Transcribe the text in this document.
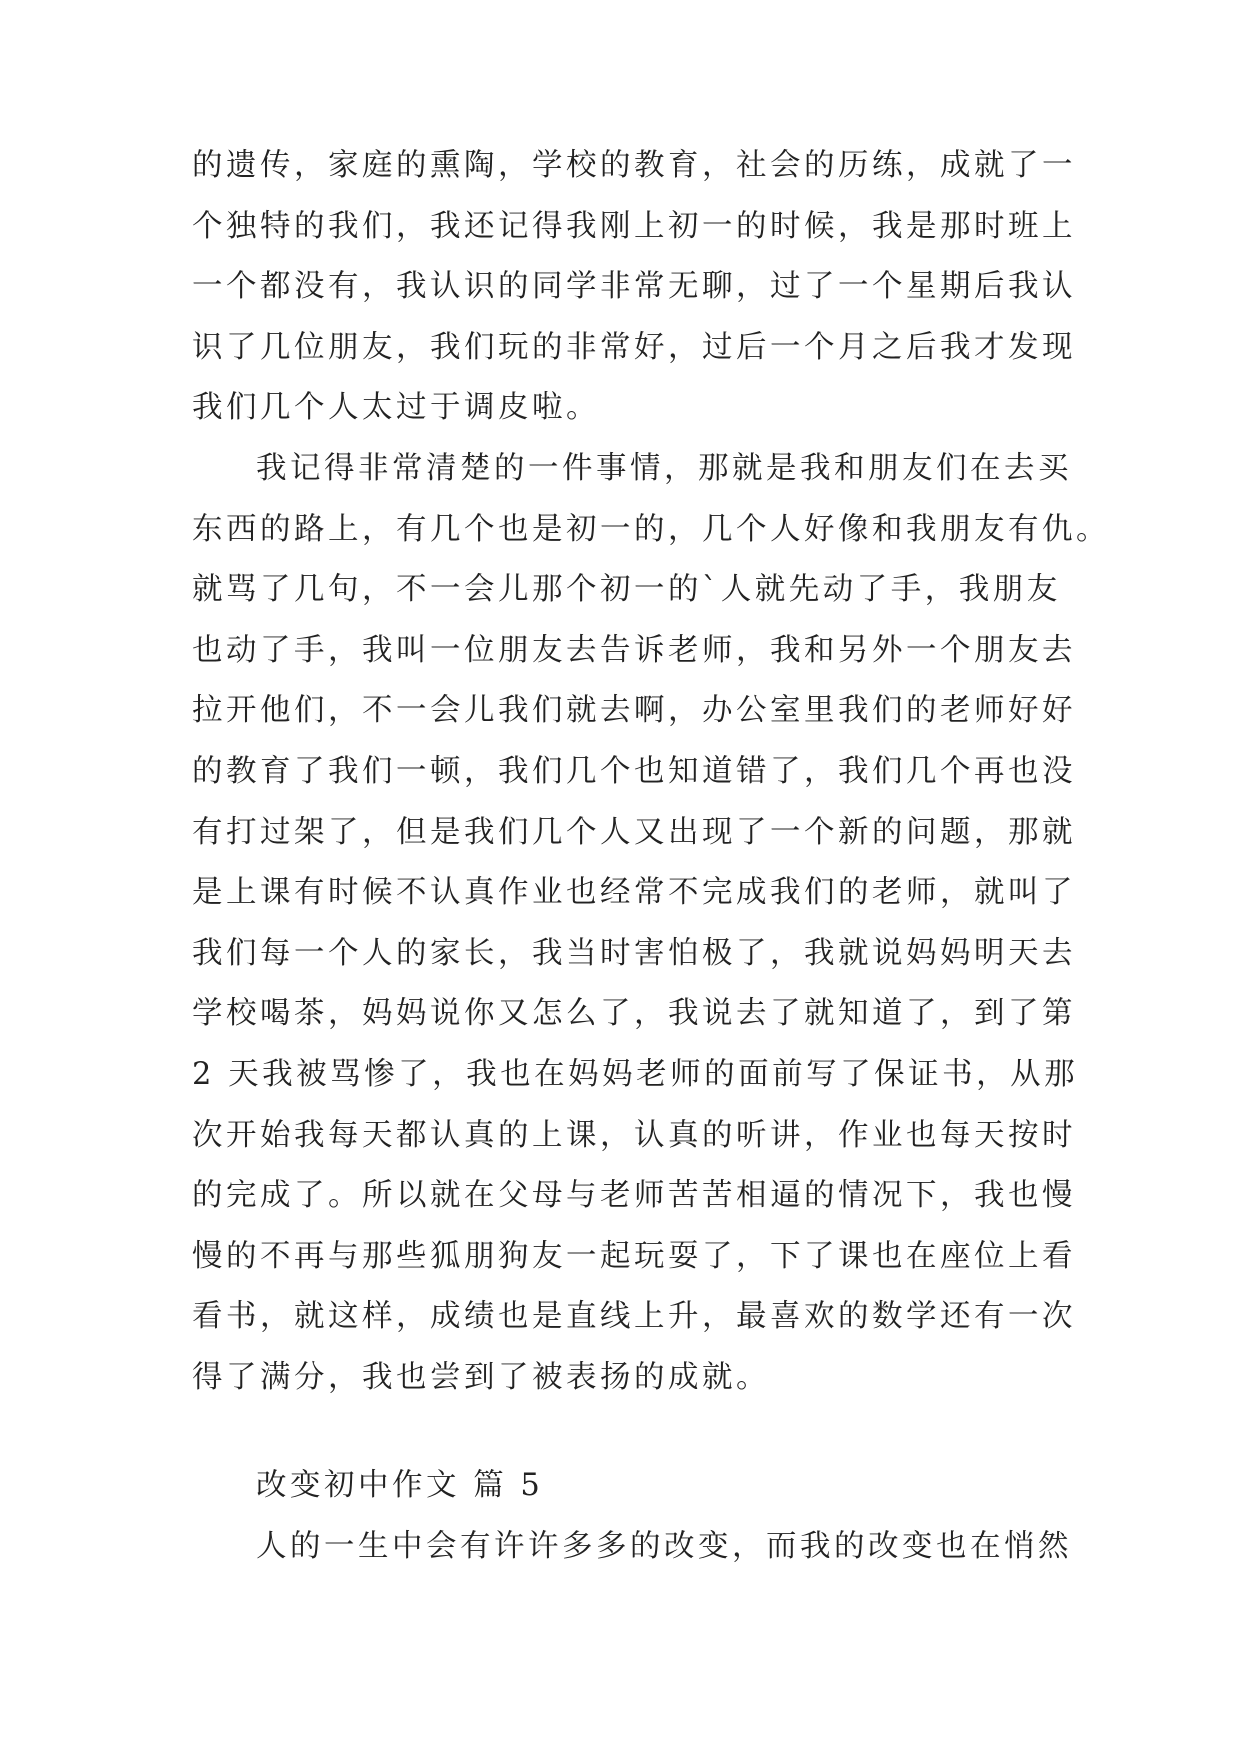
的遗传，家庭的熏陶，学校的教育，社会的历练，成就了一
个独特的我们，我还记得我刚上初一的时候，我是那时班上
一个都没有，我认识的同学非常无聊，过了一个星期后我认
识了几位朋友，我们玩的非常好，过后一个月之后我才发现
我们几个人太过于调皮啦。
我记得非常清楚的一件事情，那就是我和朋友们在去买
东西的路上，有几个也是初一的，几个人好像和我朋友有仇。
就骂了几句，不一会儿那个初一的`人就先动了手，我朋友
也动了手，我叫一位朋友去告诉老师，我和另外一个朋友去
拉开他们，不一会儿我们就去啊，办公室里我们的老师好好
的教育了我们一顿，我们几个也知道错了，我们几个再也没
有打过架了，但是我们几个人又出现了一个新的问题，那就
是上课有时候不认真作业也经常不完成我们的老师，就叫了
我们每一个人的家长，我当时害怕极了，我就说妈妈明天去
学校喝茶，妈妈说你又怎么了，我说去了就知道了，到了第
2 天我被骂惨了，我也在妈妈老师的面前写了保证书，从那
次开始我每天都认真的上课，认真的听讲，作业也每天按时
的完成了。所以就在父母与老师苦苦相逼的情况下，我也慢
慢的不再与那些狐朋狗友一起玩耍了，下了课也在座位上看
看书，就这样，成绩也是直线上升，最喜欢的数学还有一次
得了满分，我也尝到了被表扬的成就。
改变初中作文 篇 5
人的一生中会有许许多多的改变，而我的改变也在悄然
